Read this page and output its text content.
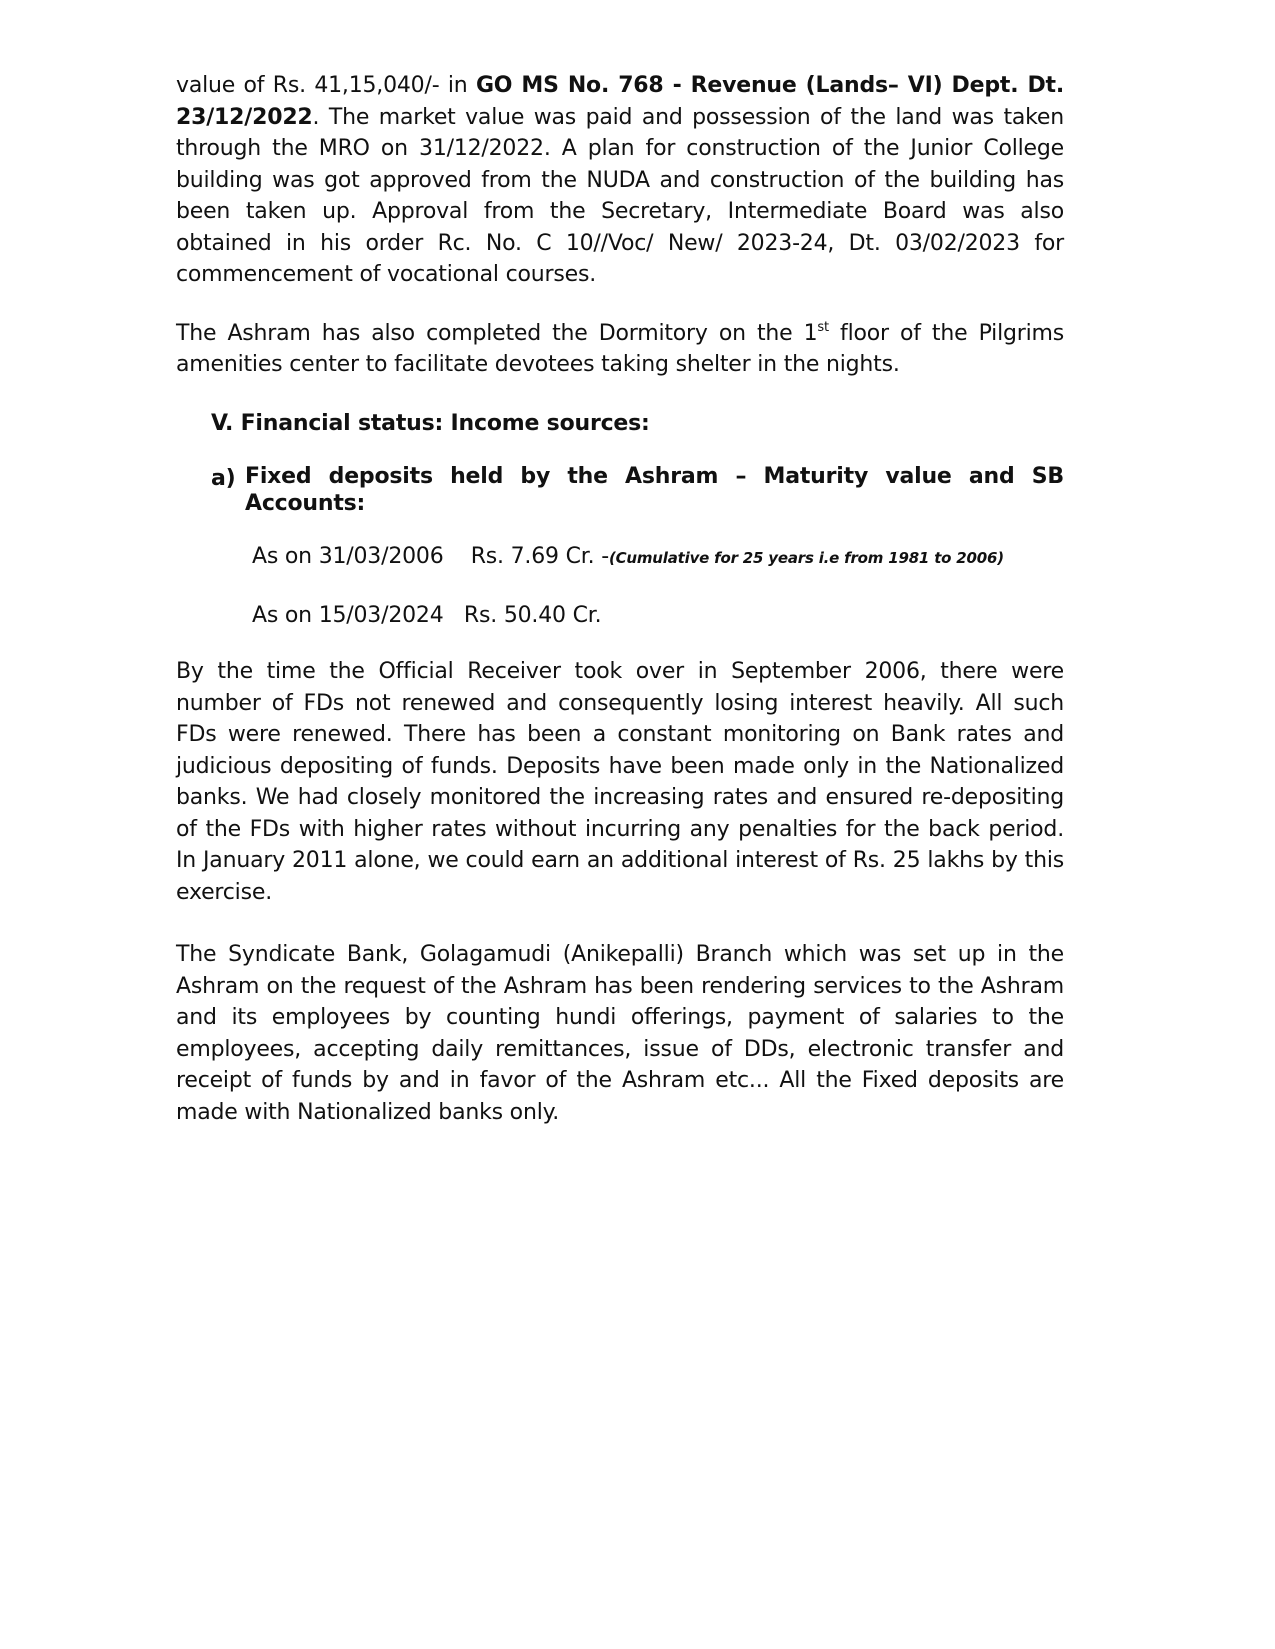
value of Rs. 41,15,040/- in GO MS No. 768 - Revenue (Lands– VI) Dept. Dt. 23/12/2022. The market value was paid and possession of the land was taken through the MRO on 31/12/2022. A plan for construction of the Junior College building was got approved from the NUDA and construction of the building has been taken up. Approval from the Secretary, Intermediate Board was also obtained in his order Rc. No. C 10//Voc/ New/ 2023-24, Dt. 03/02/2023 for commencement of vocational courses.

The Ashram has also completed the Dormitory on the 1st floor of the Pilgrims amenities center to facilitate devotees taking shelter in the nights.

V. Financial status: Income sources:
a) Fixed deposits held by the Ashram – Maturity value and SB Accounts:
As on 31/03/2006 Rs. 7.69 Cr. -(Cumulative for 25 years i.e from 1981 to 2006)
As on 15/03/2024 Rs. 50.40 Cr.

By the time the Official Receiver took over in September 2006, there were number of FDs not renewed and consequently losing interest heavily. All such FDs were renewed. There has been a constant monitoring on Bank rates and judicious depositing of funds. Deposits have been made only in the Nationalized banks. We had closely monitored the increasing rates and ensured re-depositing of the FDs with higher rates without incurring any penalties for the back period. In January 2011 alone, we could earn an additional interest of Rs. 25 lakhs by this exercise.

The Syndicate Bank, Golagamudi (Anikepalli) Branch which was set up in the Ashram on the request of the Ashram has been rendering services to the Ashram and its employees by counting hundi offerings, payment of salaries to the employees, accepting daily remittances, issue of DDs, electronic transfer and receipt of funds by and in favor of the Ashram etc... All the Fixed deposits are made with Nationalized banks only.
